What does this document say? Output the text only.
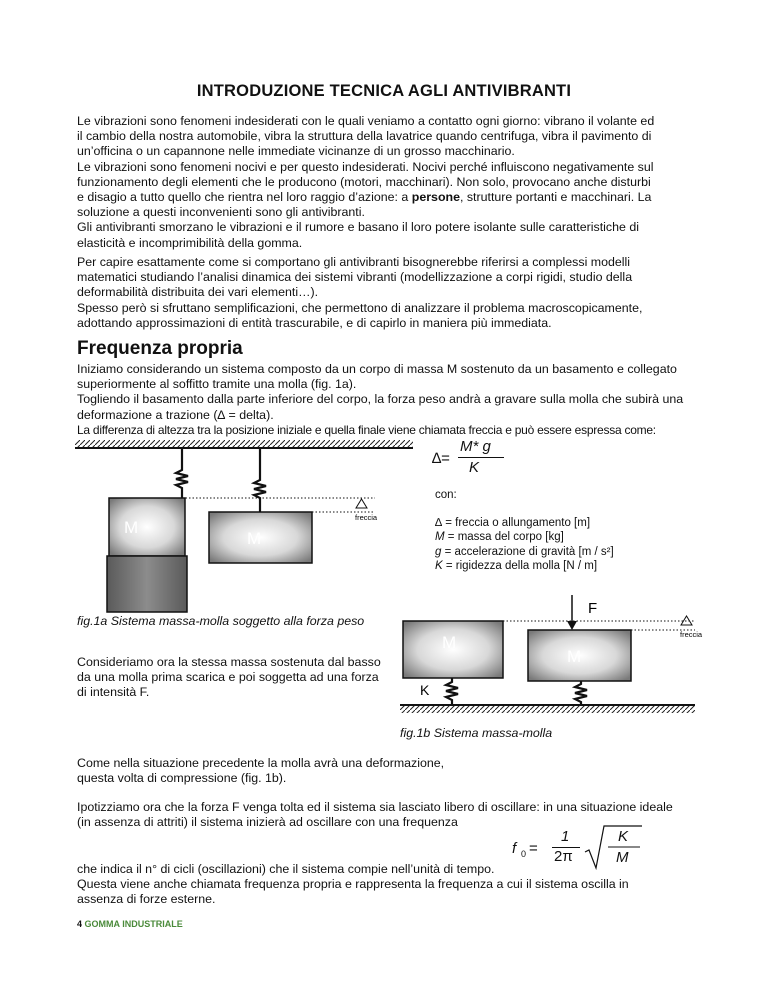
INTRODUZIONE TECNICA AGLI ANTIVIBRANTI
Le vibrazioni sono fenomeni indesiderati con le quali veniamo a contatto ogni giorno: vibrano il volante ed
il cambio della nostra automobile, vibra la struttura della lavatrice quando centrifuga, vibra il pavimento di
un’officina o un capannone nelle immediate vicinanze di un grosso macchinario.
Le vibrazioni sono fenomeni nocivi e per questo indesiderati. Nocivi perché influiscono negativamente sul
funzionamento degli elementi che le producono (motori, macchinari). Non solo, provocano anche disturbi
e disagio a tutto quello che rientra nel loro raggio d’azione: a persone, strutture portanti e macchinari. La
soluzione a questi inconvenienti sono gli antivibranti.
Gli antivibranti smorzano le vibrazioni e il rumore e basano il loro potere isolante sulle caratteristiche di
elasticità e incomprimibilità della gomma.
Per capire esattamente come si comportano gli antivibranti bisognerebbe riferirsi a complessi modelli
matematici studiando l’analisi dinamica dei sistemi vibranti (modellizzazione a corpi rigidi, studio della
deformabilità distribuita dei vari elementi…).
Spesso però si sfruttano semplificazioni, che permettono di analizzare il problema macroscopicamente,
adottando approssimazioni di entità trascurabile, e di capirlo in maniera più immediata.
Frequenza propria
Iniziamo considerando un sistema composto da un corpo di massa M sostenuto da un basamento e collegato
superiormente al soffitto tramite una molla (fig. 1a).
Togliendo il basamento dalla parte inferiore del corpo, la forza peso andrà a gravare sulla molla che subirà una
deformazione a trazione (∆ = delta).
La differenza di altezza tra la posizione iniziale e quella finale viene chiamata freccia e può essere espressa come:
∆=
M* g
K
con:
∆ = freccia o allungamento [m]
M = massa del corpo [kg]
g = accelerazione di gravità [m / s²]
K = rigidezza della molla [N / m]
M
M
freccia
fig.1a Sistema massa-molla soggetto alla forza peso
Consideriamo ora la stessa massa sostenuta dal basso
da una molla prima scarica e poi soggetta ad una forza
di intensità F.
F
M
M
K
freccia
fig.1b Sistema massa-molla
Come nella situazione precedente la molla avrà una deformazione,
questa volta di compressione (fig. 1b).
Ipotizziamo ora che la forza F venga tolta ed il sistema sia lasciato libero di oscillare: in una situazione ideale
(in assenza di attriti) il sistema inizierà ad oscillare con una frequenza
f 0 =
1
2π
K
M
che indica il n° di cicli (oscillazioni) che il sistema compie nell’unità di tempo.
Questa viene anche chiamata frequenza propria e rappresenta la frequenza a cui il sistema oscilla in
assenza di forze esterne.
4 GOMMA INDUSTRIALE
